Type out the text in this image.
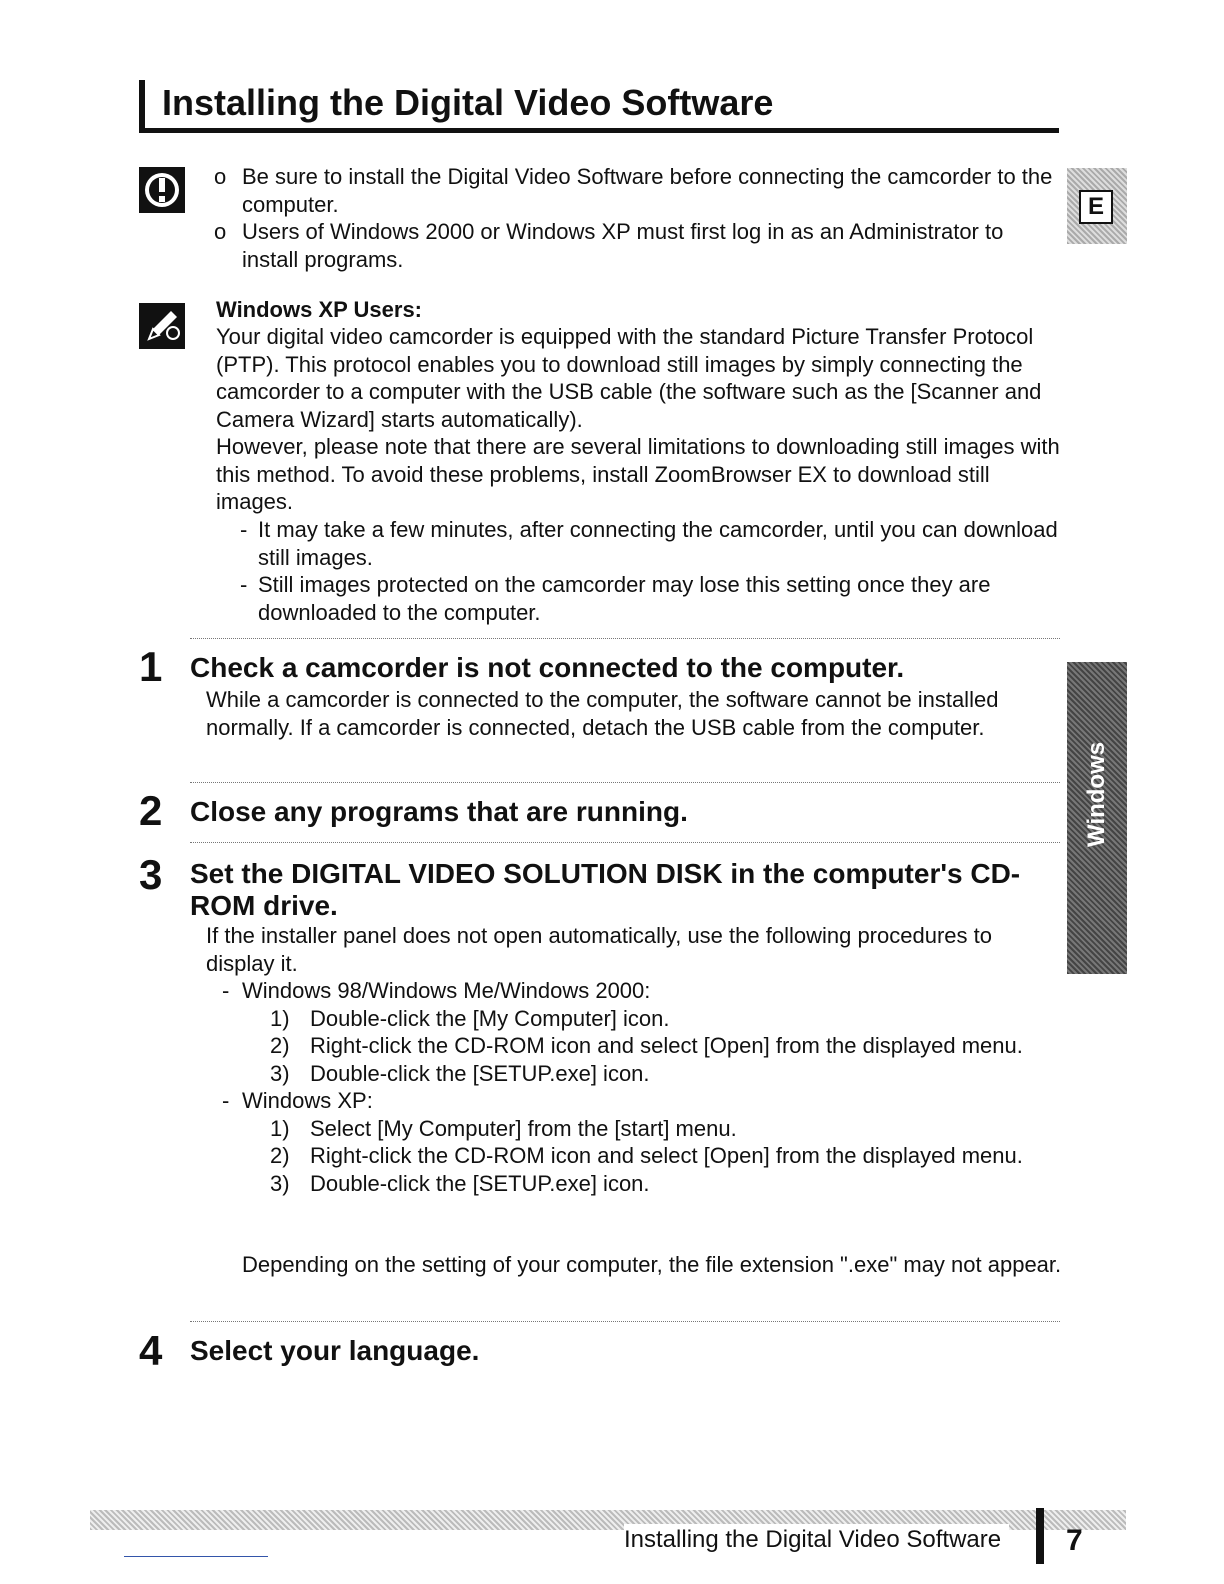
Installing the Digital Video Software
o Be sure to install the Digital Video Software before connecting the camcorder to the computer.
o Users of Windows 2000 or Windows XP must first log in as an Administrator to install programs.
Windows XP Users:

Your digital video camcorder is equipped with the standard Picture Transfer Protocol (PTP). This protocol enables you to download still images by simply connecting the camcorder to a computer with the USB cable (the software such as the [Scanner and Camera Wizard] starts automatically).

However, please note that there are several limitations to downloading still images with this method. To avoid these problems, install ZoomBrowser EX to download still images.

- It may take a few minutes, after connecting the camcorder, until you can download still images.
- Still images protected on the camcorder may lose this setting once they are downloaded to the computer.
1 Check a camcorder is not connected to the computer.

While a camcorder is connected to the computer, the software cannot be installed normally. If a camcorder is connected, detach the USB cable from the computer.

2 Close any programs that are running.
3 Set the DIGITAL VIDEO SOLUTION DISK in the computer's CD-ROM drive.

If the installer panel does not open automatically, use the following procedures to display it.

- Windows 98/Windows Me/Windows 2000:
1) Double-click the [My Computer] icon.
2) Right-click the CD-ROM icon and select [Open] from the displayed menu.
3) Double-click the [SETUP.exe] icon.
- Windows XP:
1) Select [My Computer] from the [start] menu.
2) Right-click the CD-ROM icon and select [Open] from the displayed menu.
3) Double-click the [SETUP.exe] icon.

Depending on the setting of your computer, the file extension ".exe" may not appear.

4 Select your language.
E
Windows
Installing the Digital Video Software 7
